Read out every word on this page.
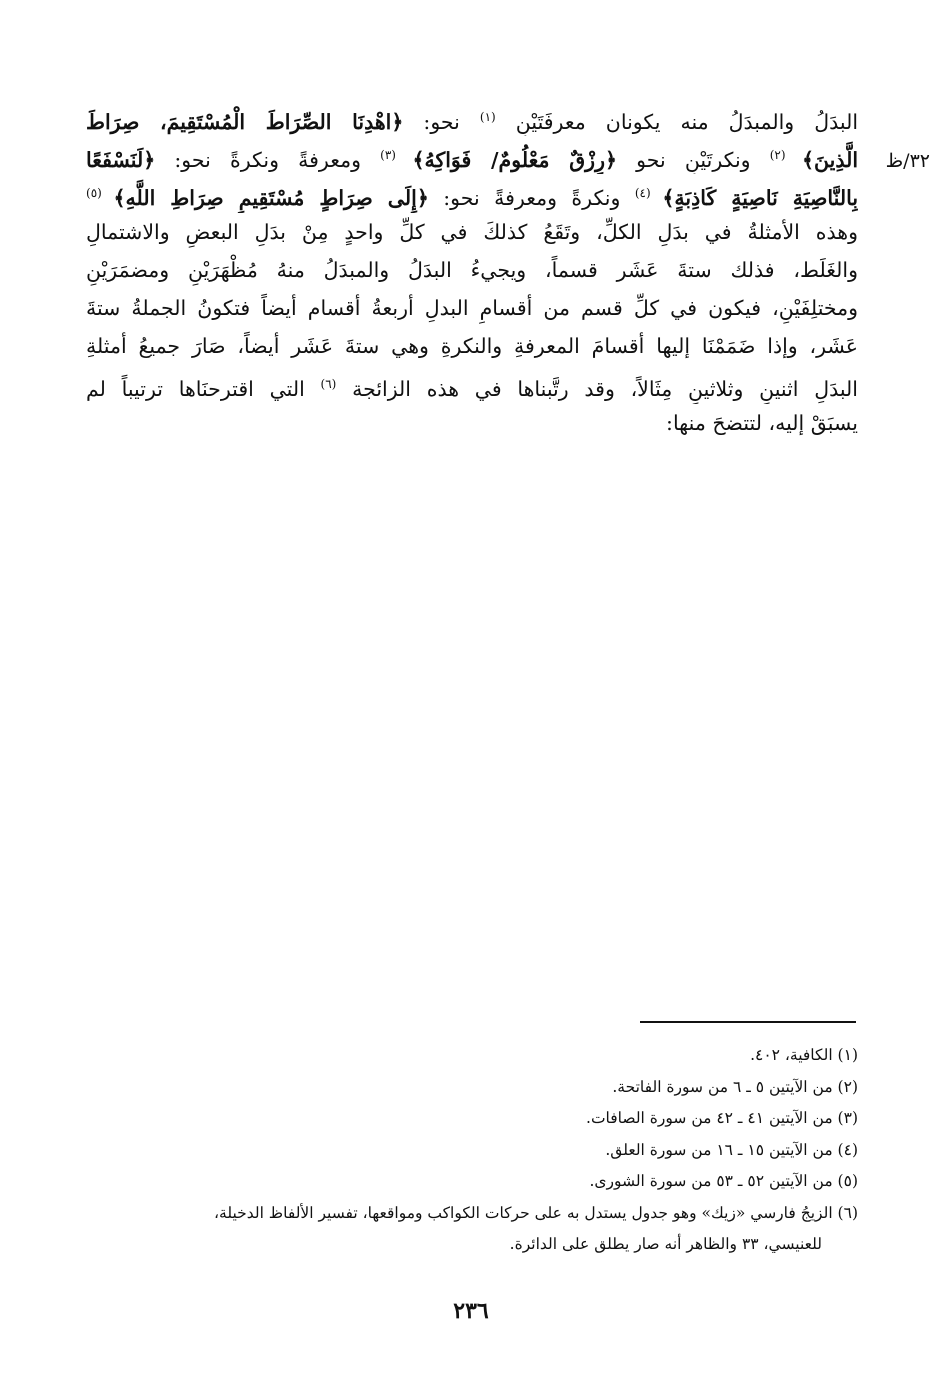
٣٢/ظ
البدَلُ والمبدَلُ منه يكونان معرفَتَيْنِ $^{(١)}$ نحو: ﴿اهْدِنَا الصِّرَاطَ الْمُسْتَقِيمَ، صِرَاطَ
الَّذِينَ﴾ $^{(٢)}$ ونكرتَيْنِ نحو ﴿رِزْقٌ مَعْلُومٌ/ فَوَاكِهُ﴾ $^{(٣)}$ ومعرفةً ونكرةً نحو: ﴿لَنَسْفَعًا
بِالنَّاصِيَةِ نَاصِيَةٍ كَاذِبَةٍ﴾ $^{(٤)}$ ونكرةً ومعرفةً نحو: ﴿إِلَى صِرَاطٍ مُسْتَقِيمٍ صِرَاطِ اللَّهِ﴾ $^{(٥)}$
وهذه الأمثلةُ في بدَلِ الكلِّ، وتَقَعُ كذلكَ في كلِّ واحدٍ مِنْ بدَلِ البعضِ والاشتمالِ
والغَلَط، فذلك ستةَ عَشَر قسماً، ويجيءُ البدَلُ والمبدَلُ منهُ مُظْهَرَيْنِ ومضمَرَيْنِ
ومختلِفَيْنِ، فيكون في كلِّ قسم من أقسامِ البدلِ أربعةُ أقسام أيضاً فتكونُ الجملةُ ستةَ
عَشَر، وإذا ضَمَمْنَا إليها أقسامَ المعرفةِ والنكرةِ وهي ستةَ عَشَر أيضاً، صَارَ جميعُ أمثلةِ
البدَلِ اثنينِ وثلاثينِ مِثَالاً، وقد رتَّبناها في هذه الزائجة $^{(٦)}$ التي اقترحنَاها ترتيباً لم
يسبَقْ إليه، لتتضحَ منها:
(١) الكافية، ٤٠٢.
(٢) من الآيتين ٥ ـ ٦ من سورة الفاتحة.
(٣) من الآيتين ٤١ ـ ٤٢ من سورة الصافات.
(٤) من الآيتين ١٥ ـ ١٦ من سورة العلق.
(٥) من الآيتين ٥٢ ـ ٥٣ من سورة الشورى.
(٦) الزيجُ فارسي «زيك» وهو جدول يستدل به على حركات الكواكب ومواقعها، تفسير الألفاظ الدخيلة،
للعنيسي، ٣٣ والظاهر أنه صار يطلق على الدائرة.
٢٣٦
